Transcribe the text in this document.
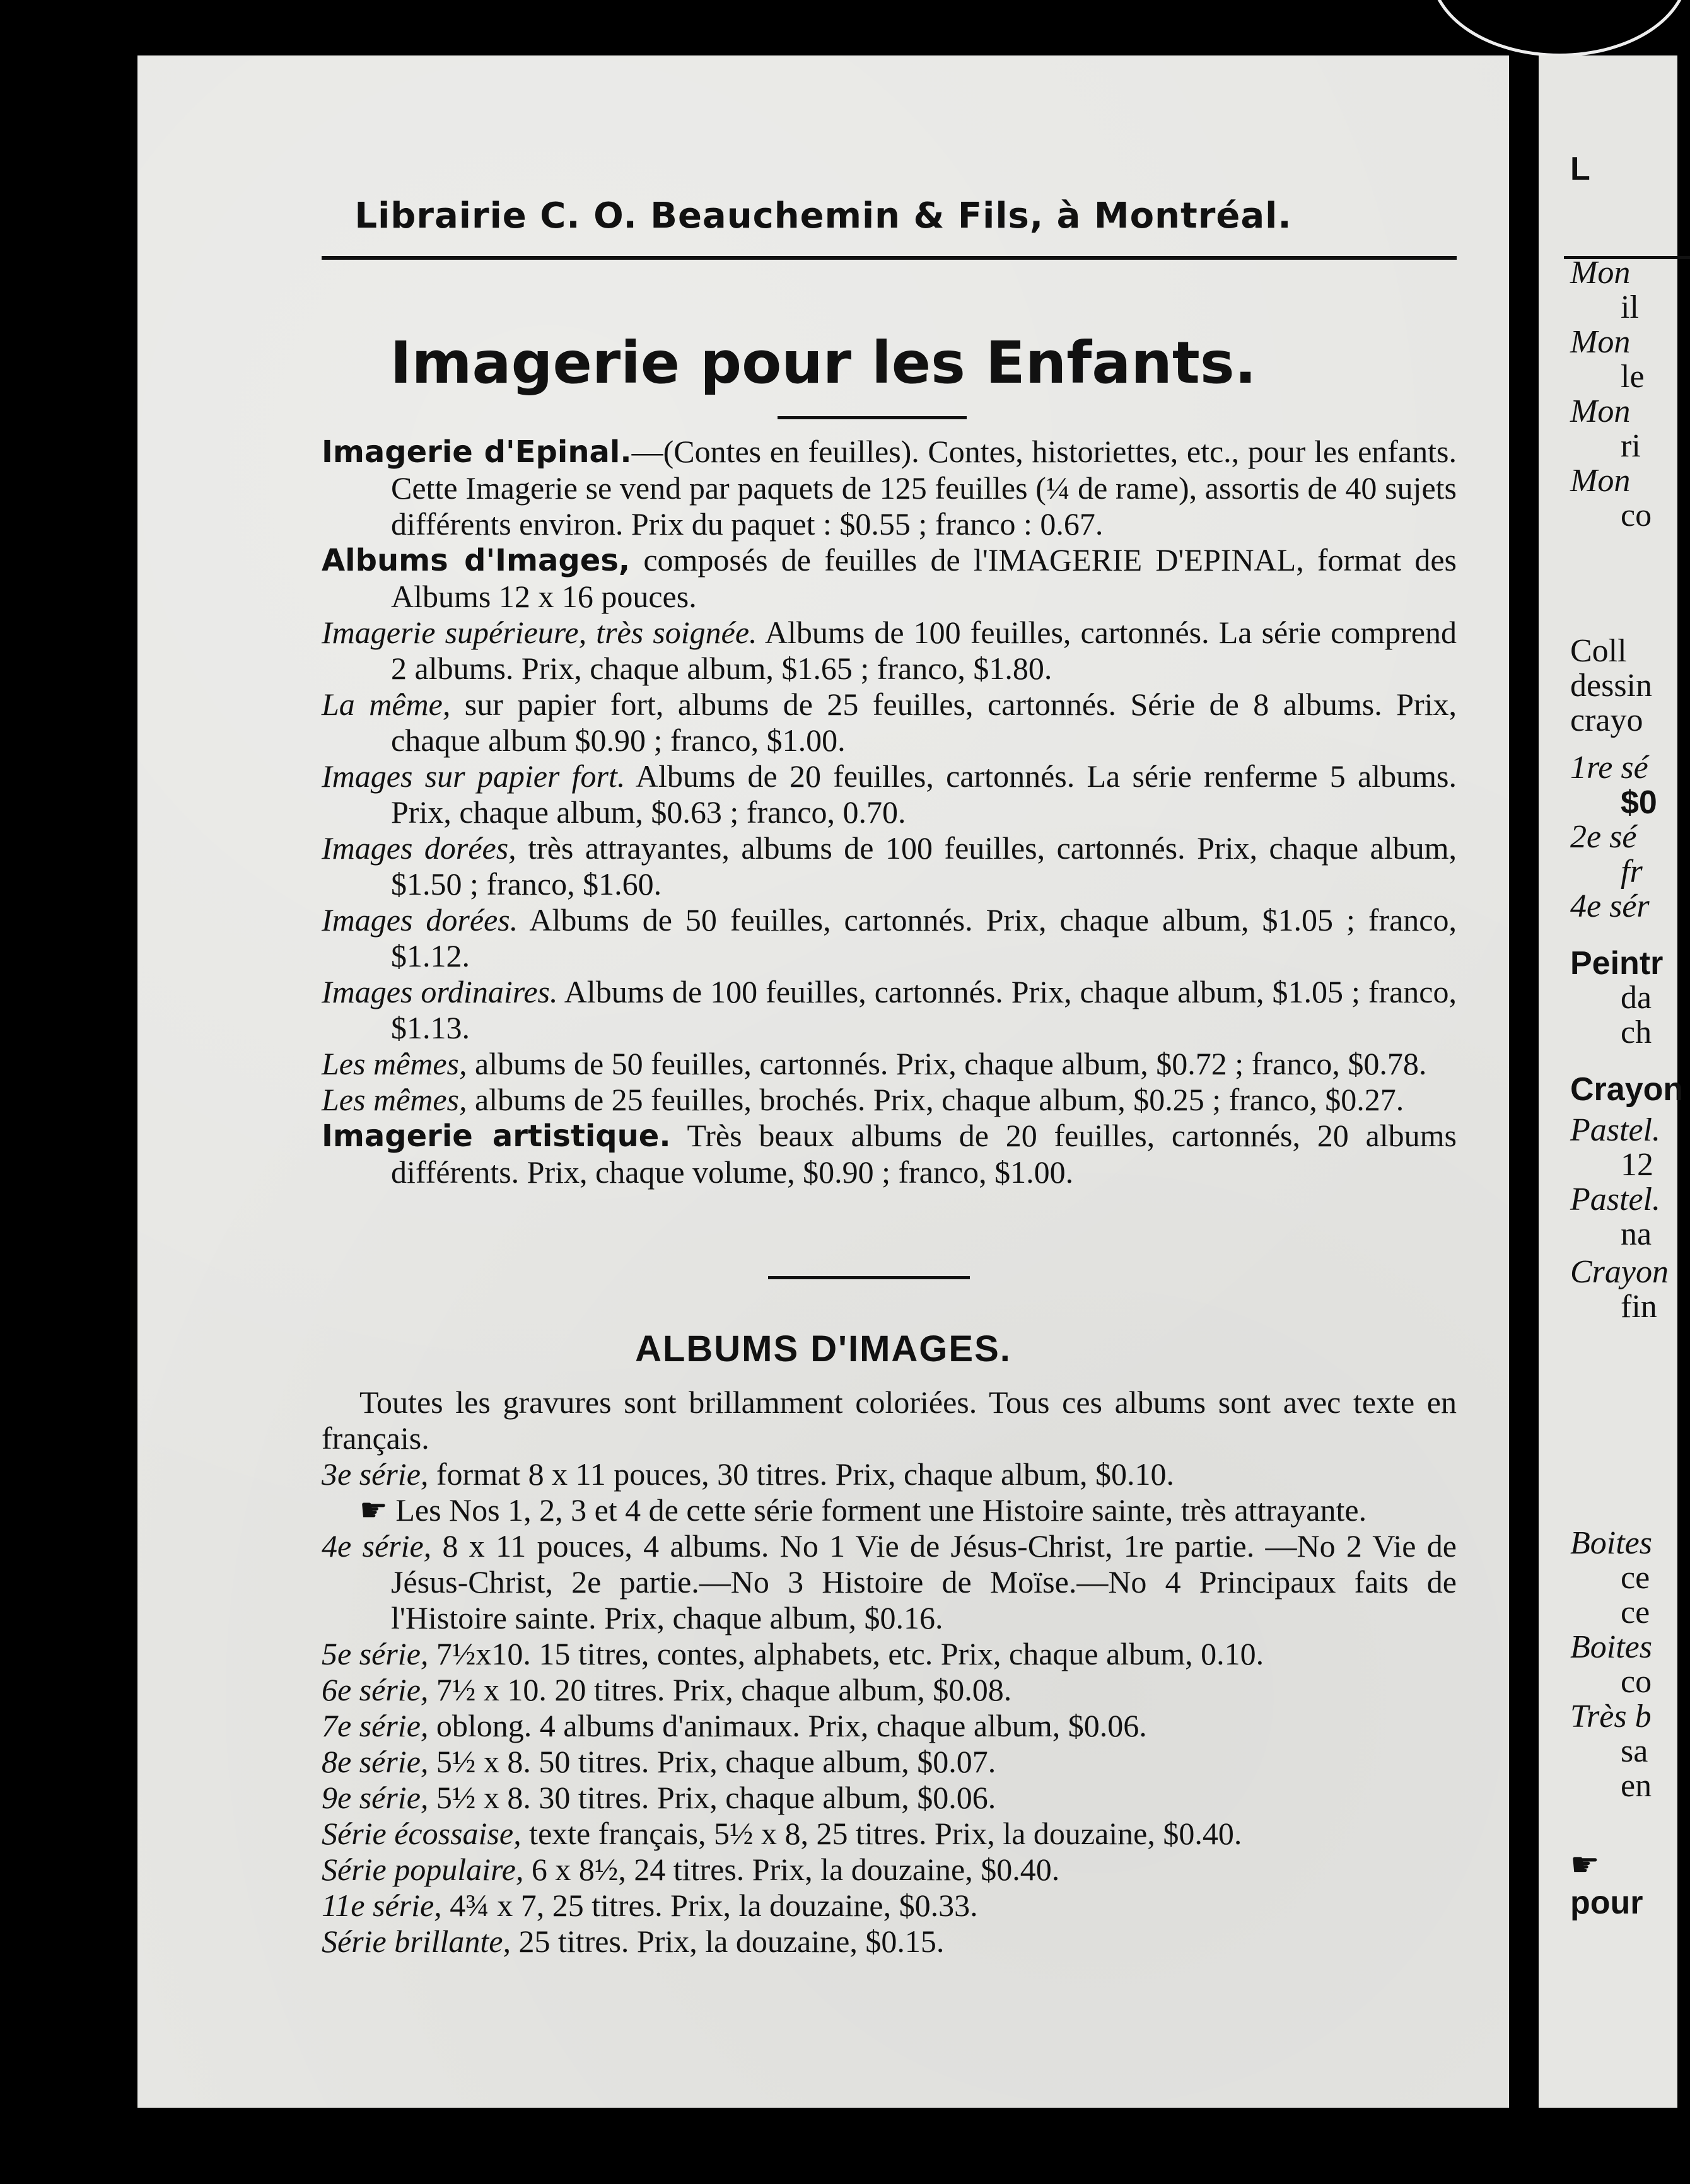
Librairie C. O. Beauchemin & Fils, à Montréal.
Imagerie pour les Enfants.

Imagerie d'Epinal.—(Contes en feuilles). Contes, historiettes, etc., pour les enfants. Cette Imagerie se vend par paquets de 125 feuilles (¼ de rame), assortis de 40 sujets différents environ. Prix du paquet : $0.55 ; franco : 0.67.

Albums d'Images, composés de feuilles de l'IMAGERIE D'EPINAL, format des Albums 12 x 16 pouces.

Imagerie supérieure, très soignée. Albums de 100 feuilles, cartonnés. La série comprend 2 albums. Prix, chaque album, $1.65 ; franco, $1.80.

La même, sur papier fort, albums de 25 feuilles, cartonnés. Série de 8 albums. Prix, chaque album $0.90 ; franco, $1.00.

Images sur papier fort. Albums de 20 feuilles, cartonnés. La série renferme 5 albums. Prix, chaque album, $0.63 ; franco, 0.70.

Images dorées, très attrayantes, albums de 100 feuilles, cartonnés. Prix, chaque album, $1.50 ; franco, $1.60.

Images dorées. Albums de 50 feuilles, cartonnés. Prix, chaque album, $1.05 ; franco, $1.12.

Images ordinaires. Albums de 100 feuilles, cartonnés. Prix, chaque album, $1.05 ; franco, $1.13.

Les mêmes, albums de 50 feuilles, cartonnés. Prix, chaque album, $0.72 ; franco, $0.78.

Les mêmes, albums de 25 feuilles, brochés. Prix, chaque album, $0.25 ; franco, $0.27.

Imagerie artistique. Très beaux albums de 20 feuilles, cartonnés, 20 albums différents. Prix, chaque volume, $0.90 ; franco, $1.00.

ALBUMS D'IMAGES.

Toutes les gravures sont brillamment coloriées. Tous ces albums sont avec texte en français.

3e série, format 8 x 11 pouces, 30 titres. Prix, chaque album, $0.10.

☛ Les Nos 1, 2, 3 et 4 de cette série forment une Histoire sainte, très attrayante.

4e série, 8 x 11 pouces, 4 albums. No 1 Vie de Jésus-Christ, 1re partie. —No 2 Vie de Jésus-Christ, 2e partie.—No 3 Histoire de Moïse.—No 4 Principaux faits de l'Histoire sainte. Prix, chaque album, $0.16.

5e série, 7½x10. 15 titres, contes, alphabets, etc. Prix, chaque album, 0.10.

6e série, 7½ x 10. 20 titres. Prix, chaque album, $0.08.

7e série, oblong. 4 albums d'animaux. Prix, chaque album, $0.06.

8e série, 5½ x 8. 50 titres. Prix, chaque album, $0.07.

9e série, 5½ x 8. 30 titres. Prix, chaque album, $0.06.

Série écossaise, texte français, 5½ x 8, 25 titres. Prix, la douzaine, $0.40.

Série populaire, 6 x 8½, 24 titres. Prix, la douzaine, $0.40.

11e série, 4¾ x 7, 25 titres. Prix, la douzaine, $0.33.

Série brillante, 25 titres. Prix, la douzaine, $0.15.

L
Mon
il
Mon
le
Mon
ri
Mon
co
Coll
dessin
crayo
1re sé
$0
2e sé
fr
4e sér
Peintr
da
ch
Crayon
Pastel.
12
Pastel.
na
Crayon
fin
Boites
ce
ce
Boites
co
Très b
sa
en
☛
pour
